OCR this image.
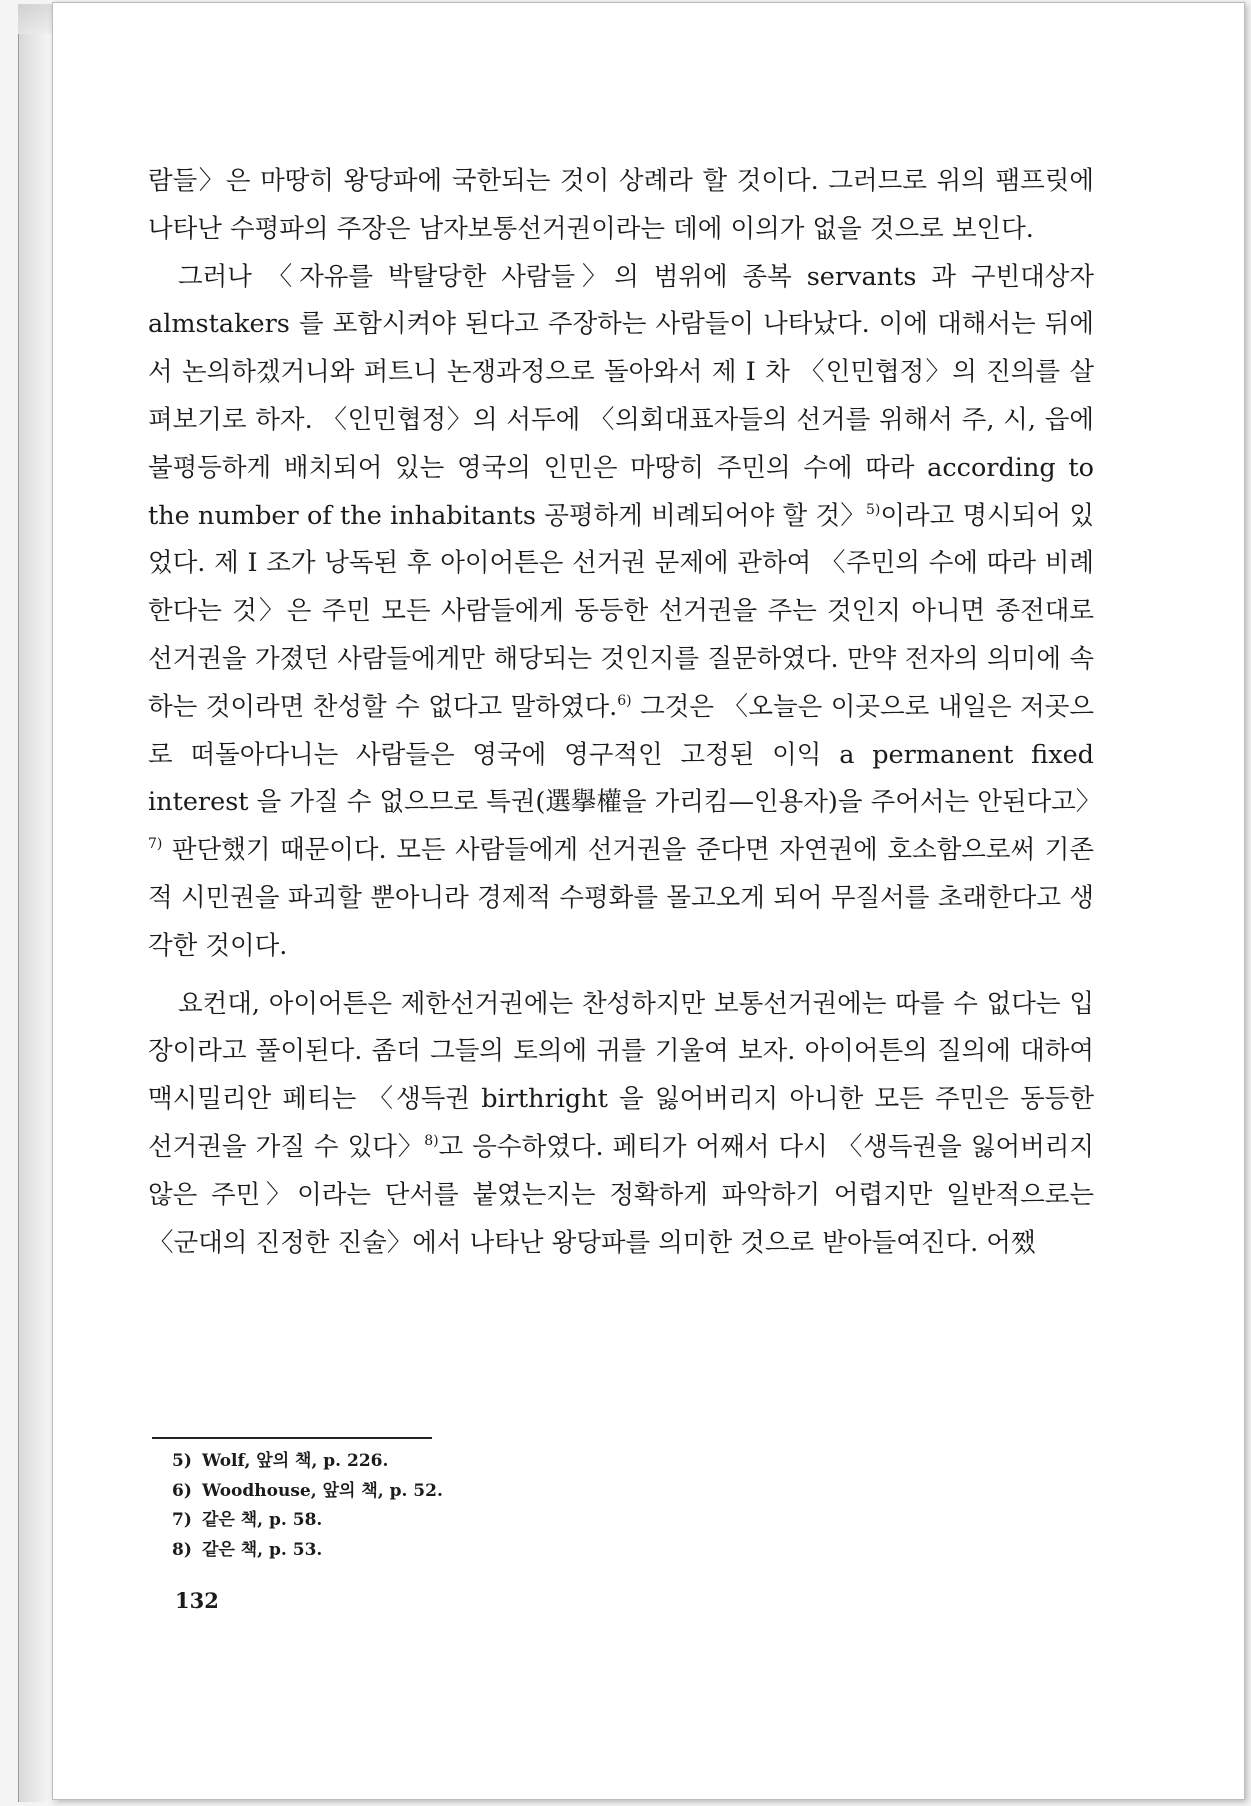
람들〉은 마땅히 왕당파에 국한되는 것이 상례라 할 것이다. 그러므로 위의 팸프릿에 나타난 수평파의 주장은 남자보통선거권이라는 데에 이의가 없을 것으로 보인다.

그러나 〈자유를 박탈당한 사람들〉의 범위에 종복 servants 과 구빈대상자 almstakers 를 포함시켜야 된다고 주장하는 사람들이 나타났다. 이에 대해서는 뒤에서 논의하겠거니와 퍼트니 논쟁과정으로 돌아와서 제 I 차 〈인민협정〉의 진의를 살펴보기로 하자. 〈인민협정〉의 서두에 〈의회대표자들의 선거를 위해서 주, 시, 읍에 불평등하게 배치되어 있는 영국의 인민은 마땅히 주민의 수에 따라 according to the number of the inhabitants 공평하게 비례되어야 할 것〉$^{5)}$이라고 명시되어 있었다. 제 I 조가 낭독된 후 아이어튼은 선거권 문제에 관하여 〈주민의 수에 따라 비례한다는 것〉은 주민 모든 사람들에게 동등한 선거권을 주는 것인지 아니면 종전대로 선거권을 가졌던 사람들에게만 해당되는 것인지를 질문하였다. 만약 전자의 의미에 속하는 것이라면 찬성할 수 없다고 말하였다.$^{6)}$ 그것은 〈오늘은 이곳으로 내일은 저곳으로 떠돌아다니는 사람들은 영국에 영구적인 고정된 이익 a permanent fixed interest 을 가질 수 없으므로 특권(選擧權을 가리킴—인용자)을 주어서는 안된다고〉$^{7)}$ 판단했기 때문이다. 모든 사람들에게 선거권을 준다면 자연권에 호소함으로써 기존적 시민권을 파괴할 뿐아니라 경제적 수평화를 몰고오게 되어 무질서를 초래한다고 생각한 것이다.

요컨대, 아이어튼은 제한선거권에는 찬성하지만 보통선거권에는 따를 수 없다는 입장이라고 풀이된다. 좀더 그들의 토의에 귀를 기울여 보자. 아이어튼의 질의에 대하여 맥시밀리안 페티는 〈생득권 birthright 을 잃어버리지 아니한 모든 주민은 동등한 선거권을 가질 수 있다〉$^{8)}$고 응수하였다. 페티가 어째서 다시 〈생득권을 잃어버리지 않은 주민〉이라는 단서를 붙였는지는 정확하게 파악하기 어렵지만 일반적으로는 〈군대의 진정한 진술〉에서 나타난 왕당파를 의미한 것으로 받아들여진다. 어쨌

5) Wolf, 앞의 책, p. 226.
6) Woodhouse, 앞의 책, p. 52.
7) 같은 책, p. 58.
8) 같은 책, p. 53.
132
